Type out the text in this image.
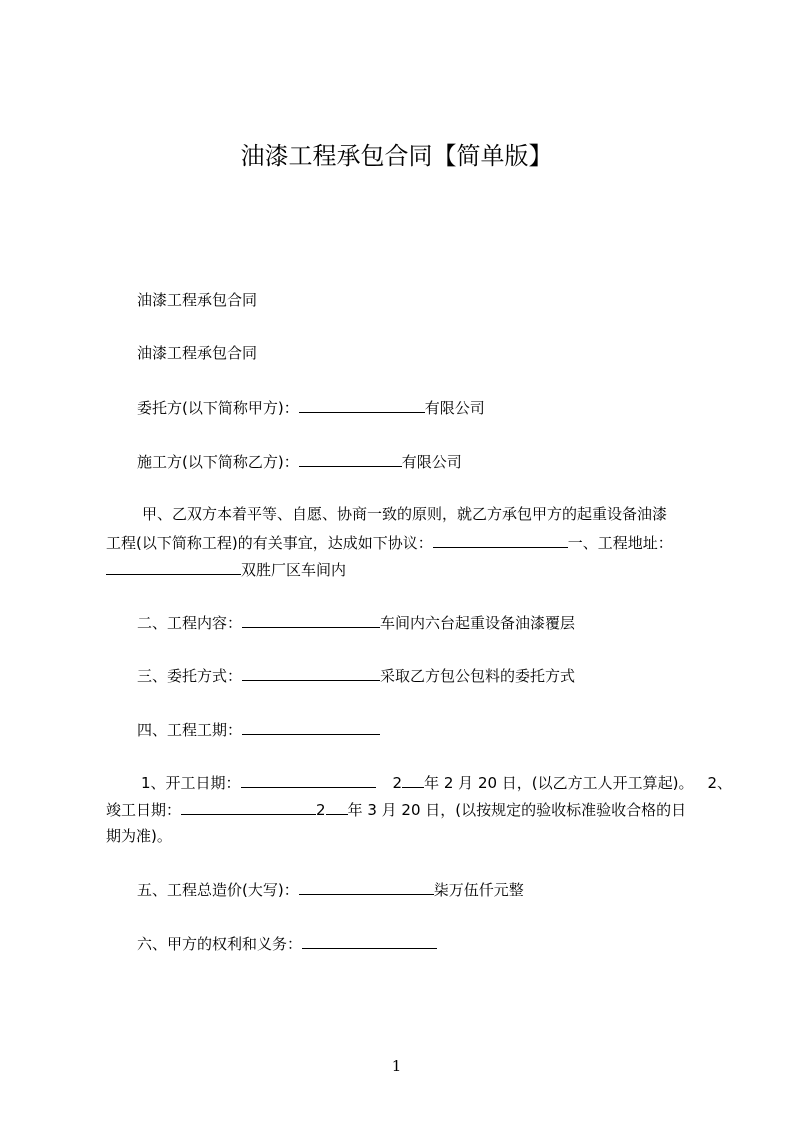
油漆工程承包合同【简单版】
油漆工程承包合同
油漆工程承包合同
委托方(以下简称甲方)：	有限公司
施工方(以下简称乙方)：	有限公司
甲、乙双方本着平等、自愿、协商一致的原则，就乙方承包甲方的起重设备油漆
工程(以下简称工程)的有关事宜，达成如下协议：	一、工程地址：
双胜厂区车间内
二、工程内容：	车间内六台起重设备油漆覆层
三、委托方式：	采取乙方包公包料的委托方式
四、工程工期：
1、开工日期：	2 年 2 月 20 日，(以乙方工人开工算起)。 2、
竣工日期：	2 年 3 月 20 日，(以按规定的验收标准验收合格的日
期为准)。
五、工程总造价(大写)：	柒万伍仟元整
六、甲方的权利和义务：
1
